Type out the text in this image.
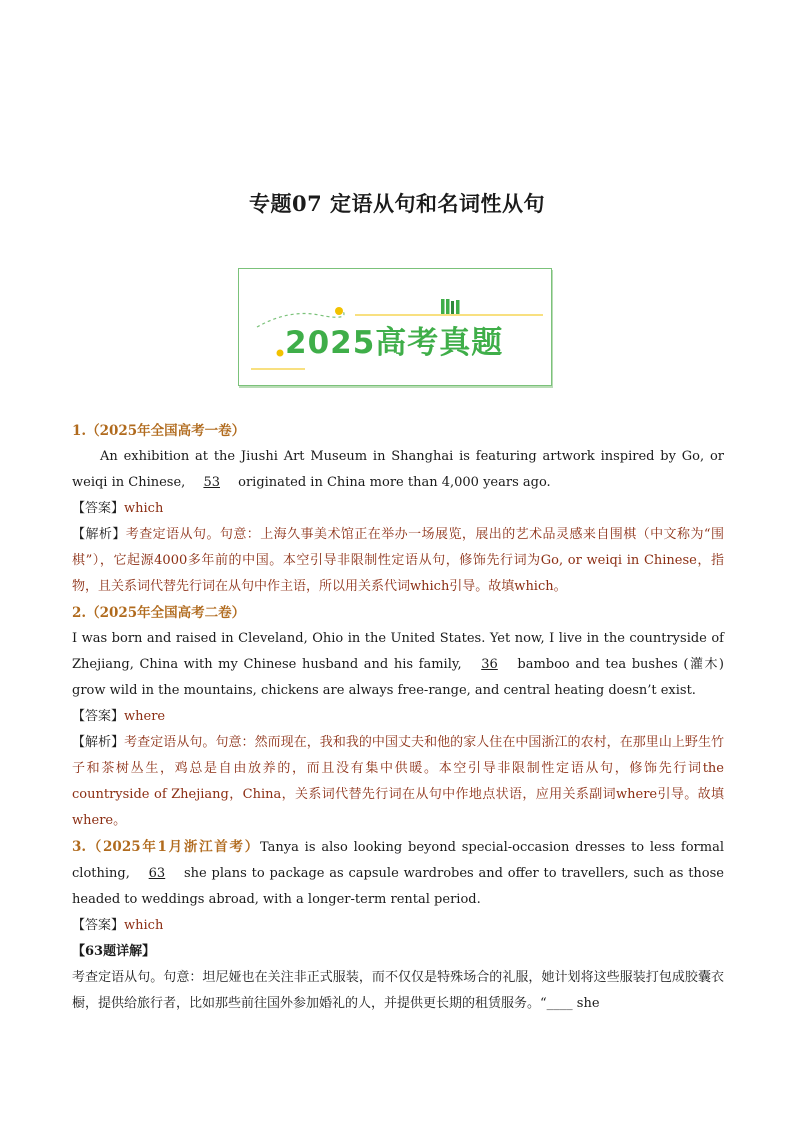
专题07 定语从句和名词性从句
2025高考真题

1.（2025年全国高考一卷）

An exhibition at the Jiushi Art Museum in Shanghai is featuring artwork inspired by Go, or weiqi in Chinese, 53 originated in China more than 4,000 years ago.

【答案】which

【解析】考查定语从句。句意：上海久事美术馆正在举办一场展览，展出的艺术品灵感来自围棋（中文称为“围棋”），它起源4000多年前的中国。本空引导非限制性定语从句，修饰先行词为Go, or weiqi in Chinese，指物，且关系词代替先行词在从句中作主语，所以用关系代词which引导。故填which。

2.（2025年全国高考二卷）

I was born and raised in Cleveland, Ohio in the United States. Yet now, I live in the countryside of Zhejiang, China with my Chinese husband and his family, 36 bamboo and tea bushes (灌木) grow wild in the mountains, chickens are always free-range, and central heating doesn’t exist.

【答案】where

【解析】考查定语从句。句意：然而现在，我和我的中国丈夫和他的家人住在中国浙江的农村，在那里山上野生竹子和茶树丛生，鸡总是自由放养的，而且没有集中供暖。本空引导非限制性定语从句，修饰先行词the countryside of Zhejiang，China，关系词代替先行词在从句中作地点状语，应用关系副词where引导。故填where。

3.（2025年1月浙江首考）Tanya is also looking beyond special-occasion dresses to less formal clothing, 63 she plans to package as capsule wardrobes and offer to travellers, such as those headed to weddings abroad, with a longer-term rental period.

【答案】which

【63题详解】

考查定语从句。句意：坦尼娅也在关注非正式服装，而不仅仅是特殊场合的礼服，她计划将这些服装打包成胶囊衣橱，提供给旅行者，比如那些前往国外参加婚礼的人，并提供更长期的租赁服务。“____ she
